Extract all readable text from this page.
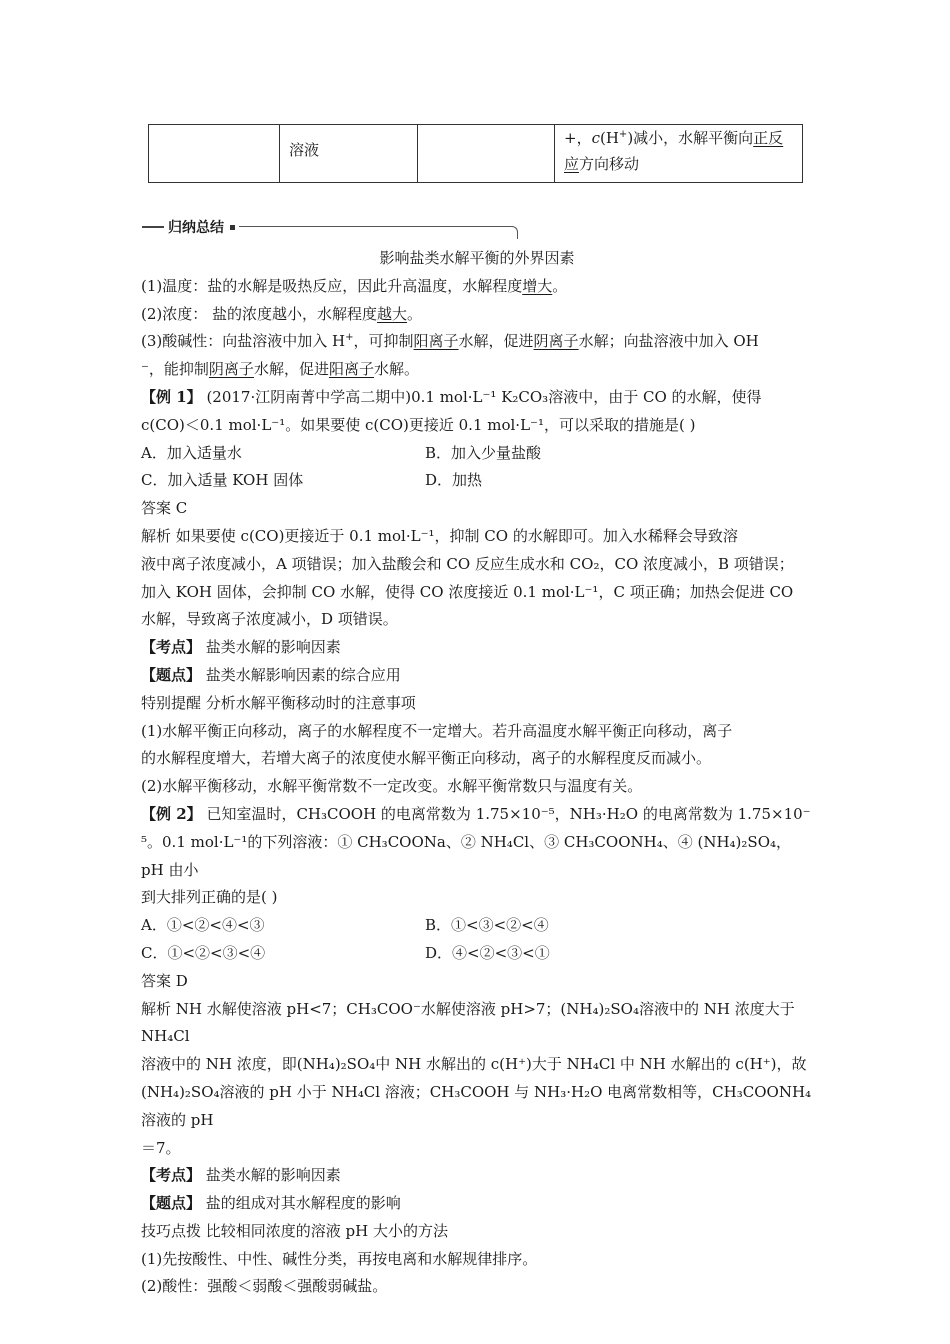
	溶液		+，c(H+)减小，水解平衡向正反
应方向移动
归纳总结

影响盐类水解平衡的外界因素

(1)温度：盐的水解是吸热反应，因此升高温度，水解程度增大。

(2)浓度： 盐的浓度越小，水解程度越大。

(3)酸碱性：向盐溶液中加入 H+，可抑制阳离子水解，促进阴离子水解；向盐溶液中加入 OH
⁻，能抑制阴离子水解，促进阳离子水解。

【例 1】 (2017·江阴南菁中学高二期中)0.1 mol·L⁻¹ K₂CO₃溶液中，由于 CO 的水解，使得

c(CO)＜0.1 mol·L⁻¹。如果要使 c(CO)更接近 0.1 mol·L⁻¹，可以采取的措施是( )

A．加入适量水	B．加入少量盐酸
C．加入适量 KOH 固体	D．加热

答案 C

解析 如果要使 c(CO)更接近于 0.1 mol·L⁻¹，抑制 CO 的水解即可。加入水稀释会导致溶

液中离子浓度减小，A 项错误；加入盐酸会和 CO 反应生成水和 CO₂，CO 浓度减小，B 项错误；

加入 KOH 固体，会抑制 CO 水解，使得 CO 浓度接近 0.1 mol·L⁻¹，C 项正确；加热会促进 CO

水解，导致离子浓度减小，D 项错误。

【考点】 盐类水解的影响因素

【题点】 盐类水解影响因素的综合应用

特别提醒 分析水解平衡移动时的注意事项

(1)水解平衡正向移动，离子的水解程度不一定增大。若升高温度水解平衡正向移动，离子

的水解程度增大，若增大离子的浓度使水解平衡正向移动，离子的水解程度反而减小。

(2)水解平衡移动，水解平衡常数不一定改变。水解平衡常数只与温度有关。

【例 2】 已知室温时，CH₃COOH 的电离常数为 1.75×10⁻⁵，NH₃·H₂O 的电离常数为 1.75×10⁻

⁵。0.1 mol·L⁻¹的下列溶液：① CH₃COONa、② NH₄Cl、③ CH₃COONH₄、④ (NH₄)₂SO₄，pH 由小

到大排列正确的是( )

A．①<②<④<③	B．①<③<②<④
C．①<②<③<④	D．④<②<③<①

答案 D

解析 NH 水解使溶液 pH<7；CH₃COO⁻水解使溶液 pH>7；(NH₄)₂SO₄溶液中的 NH 浓度大于 NH₄Cl

溶液中的 NH 浓度，即(NH₄)₂SO₄中 NH 水解出的 c(H⁺)大于 NH₄Cl 中 NH 水解出的 c(H⁺)，故

(NH₄)₂SO₄溶液的 pH 小于 NH₄Cl 溶液；CH₃COOH 与 NH₃·H₂O 电离常数相等，CH₃COONH₄溶液的 pH

＝7。

【考点】 盐类水解的影响因素

【题点】 盐的组成对其水解程度的影响

技巧点拨 比较相同浓度的溶液 pH 大小的方法

(1)先按酸性、中性、碱性分类，再按电离和水解规律排序。

(2)酸性：强酸＜弱酸＜强酸弱碱盐。
